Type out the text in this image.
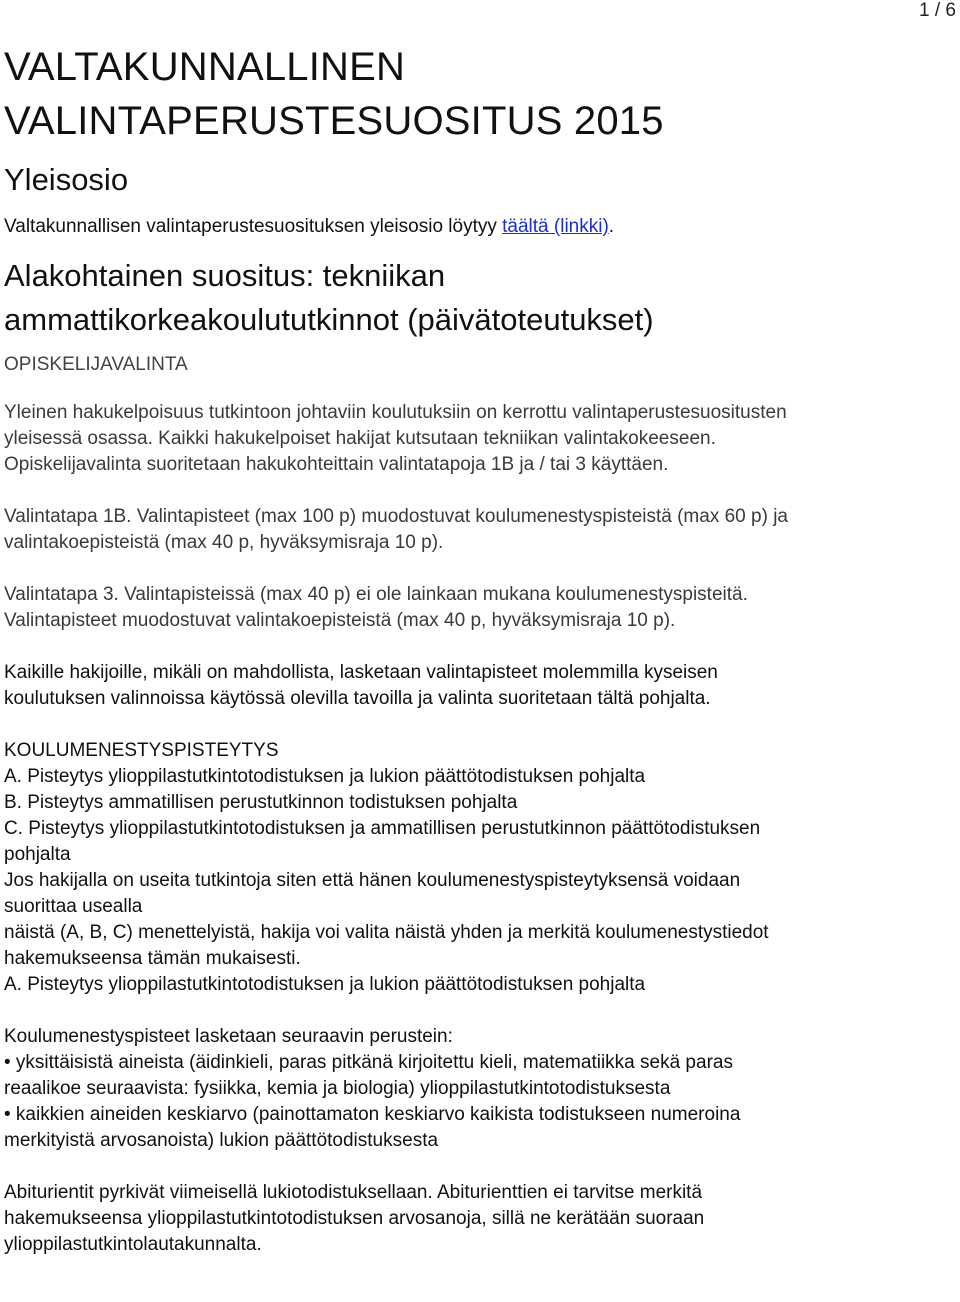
1 / 6
VALTAKUNNALLINEN
VALINTAPERUSTESUOSITUS 2015
Yleisosio

Valtakunnallisen valintaperustesuosituksen yleisosio löytyy täältä (linkki).

Alakohtainen suositus: tekniikan
ammattikorkeakoulututkinnot (päivätoteutukset)

OPISKELIJAVALINTA

Yleinen hakukelpoisuus tutkintoon johtaviin koulutuksiin on kerrottu valintaperustesuositusten
yleisessä osassa. Kaikki hakukelpoiset hakijat kutsutaan tekniikan valintakokeeseen.
Opiskelijavalinta suoritetaan hakukohteittain valintatapoja 1B ja / tai 3 käyttäen.

Valintatapa 1B. Valintapisteet (max 100 p) muodostuvat koulumenestyspisteistä (max 60 p) ja
valintakoepisteistä (max 40 p, hyväksymisraja 10 p).

Valintatapa 3. Valintapisteissä (max 40 p) ei ole lainkaan mukana koulumenestyspisteitä.
Valintapisteet muodostuvat valintakoepisteistä (max 40 p, hyväksymisraja 10 p).

Kaikille hakijoille, mikäli on mahdollista, lasketaan valintapisteet molemmilla kyseisen
koulutuksen valinnoissa käytössä olevilla tavoilla ja valinta suoritetaan tältä pohjalta.

KOULUMENESTYSPISTEYTYS
A. Pisteytys ylioppilastutkintotodistuksen ja lukion päättötodistuksen pohjalta
B. Pisteytys ammatillisen perustutkinnon todistuksen pohjalta
C. Pisteytys ylioppilastutkintotodistuksen ja ammatillisen perustutkinnon päättötodistuksen
pohjalta
Jos hakijalla on useita tutkintoja siten että hänen koulumenestyspisteytyksensä voidaan
suorittaa usealla
näistä (A, B, C) menettelyistä, hakija voi valita näistä yhden ja merkitä koulumenestystiedot
hakemukseensa tämän mukaisesti.
A. Pisteytys ylioppilastutkintotodistuksen ja lukion päättötodistuksen pohjalta

Koulumenestyspisteet lasketaan seuraavin perustein:
• yksittäisistä aineista (äidinkieli, paras pitkänä kirjoitettu kieli, matematiikka sekä paras
reaalikoe seuraavista: fysiikka, kemia ja biologia) ylioppilastutkintotodistuksesta
• kaikkien aineiden keskiarvo (painottamaton keskiarvo kaikista todistukseen numeroina
merkityistä arvosanoista) lukion päättötodistuksesta

Abiturientit pyrkivät viimeisellä lukiotodistuksellaan. Abiturienttien ei tarvitse merkitä
hakemukseensa ylioppilastutkintotodistuksen arvosanoja, sillä ne kerätään suoraan
ylioppilastutkintolautakunnalta.
